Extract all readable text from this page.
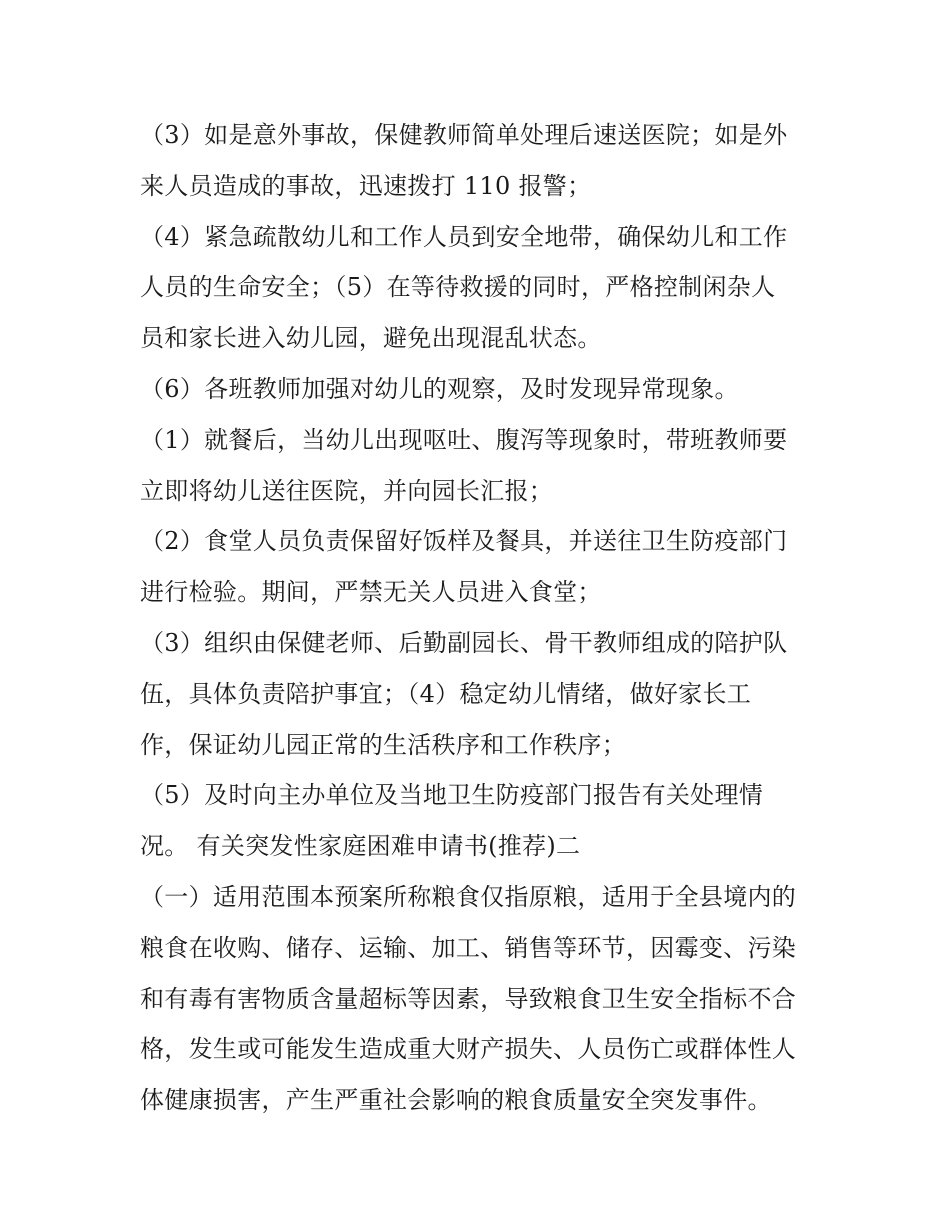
（3）如是意外事故，保健教师简单处理后速送医院；如是外
来人员造成的事故，迅速拨打 110 报警；
（4）紧急疏散幼儿和工作人员到安全地带，确保幼儿和工作
人员的生命安全；（5）在等待救援的同时，严格控制闲杂人
员和家长进入幼儿园，避免出现混乱状态。
（6）各班教师加强对幼儿的观察，及时发现异常现象。
（1）就餐后，当幼儿出现呕吐、腹泻等现象时，带班教师要
立即将幼儿送往医院，并向园长汇报；
（2）食堂人员负责保留好饭样及餐具，并送往卫生防疫部门
进行检验。期间，严禁无关人员进入食堂；
（3）组织由保健老师、后勤副园长、骨干教师组成的陪护队
伍，具体负责陪护事宜；（4）稳定幼儿情绪，做好家长工
作，保证幼儿园正常的生活秩序和工作秩序；
（5）及时向主办单位及当地卫生防疫部门报告有关处理情
况。 有关突发性家庭困难申请书(推荐)二
（一）适用范围本预案所称粮食仅指原粮，适用于全县境内的
粮食在收购、储存、运输、加工、销售等环节，因霉变、污染
和有毒有害物质含量超标等因素，导致粮食卫生安全指标不合
格，发生或可能发生造成重大财产损失、人员伤亡或群体性人
体健康损害，产生严重社会影响的粮食质量安全突发事件。
